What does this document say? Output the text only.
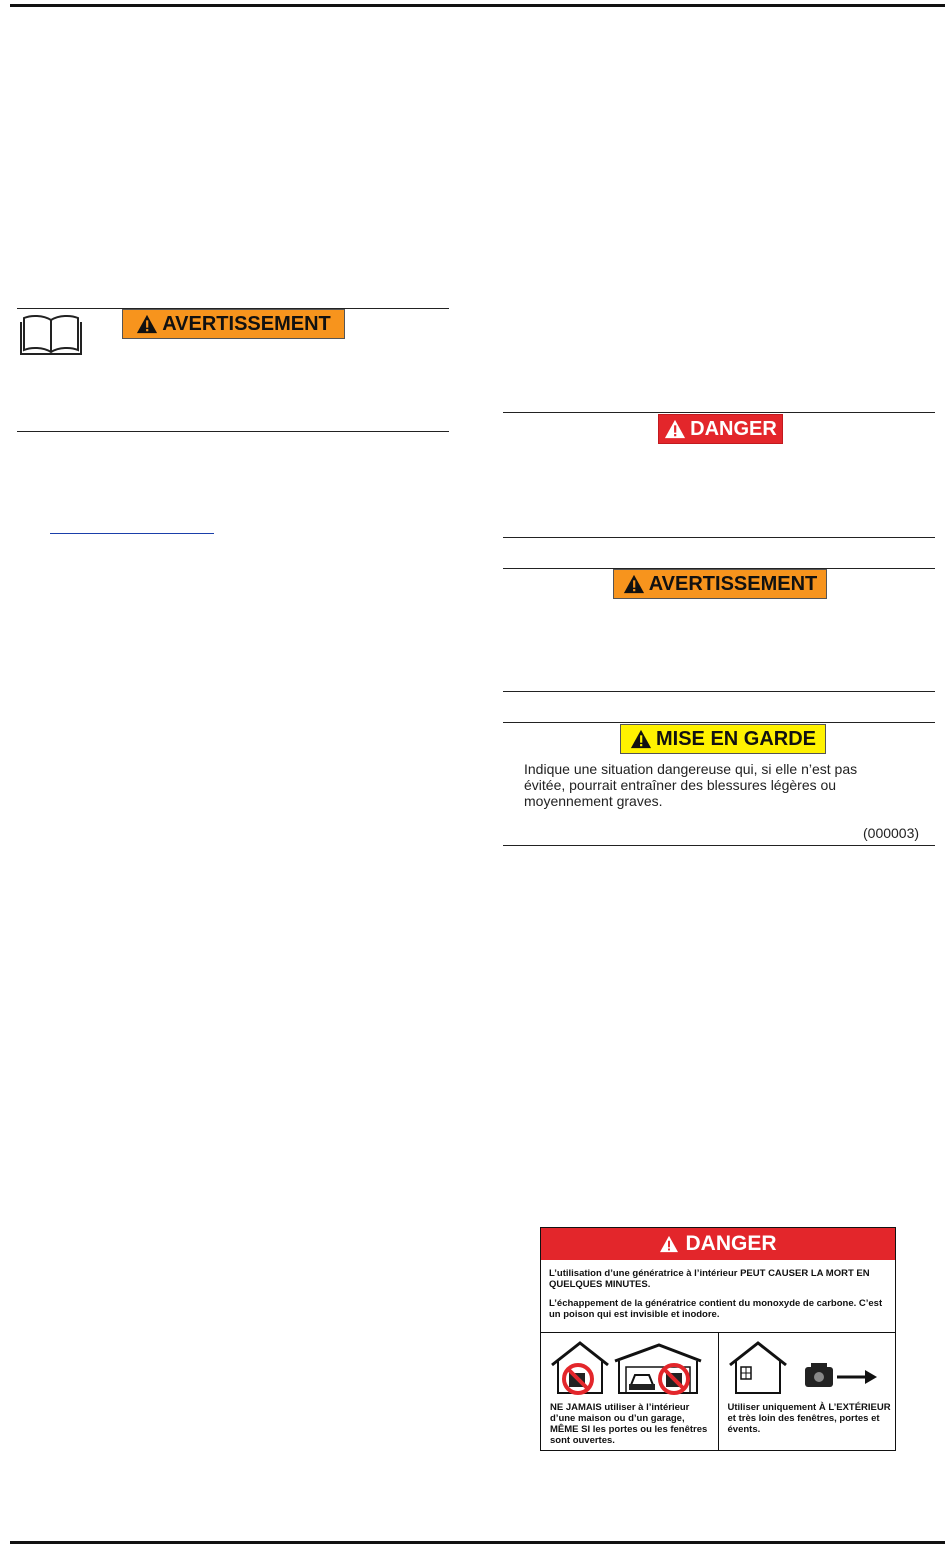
AVERTISSEMENT
DANGER
AVERTISSEMENT
MISE EN GARDE
Indique une situation dangereuse qui, si elle n’est pas évitée, pourrait entraîner des blessures légères ou moyennement graves.
(000003)
DANGER

L’utilisation d’une génératrice à l’intérieur PEUT CAUSER LA MORT EN QUELQUES MINUTES.

L’échappement de la génératrice contient du monoxyde de carbone. C’est un poison qui est invisible et inodore.

NE JAMAIS utiliser à l’intérieur d’une maison ou d’un garage, MÊME SI les portes ou les fenêtres sont ouvertes.
Utiliser uniquement À L’EXTÉRIEUR et très loin des fenêtres, portes et évents.
